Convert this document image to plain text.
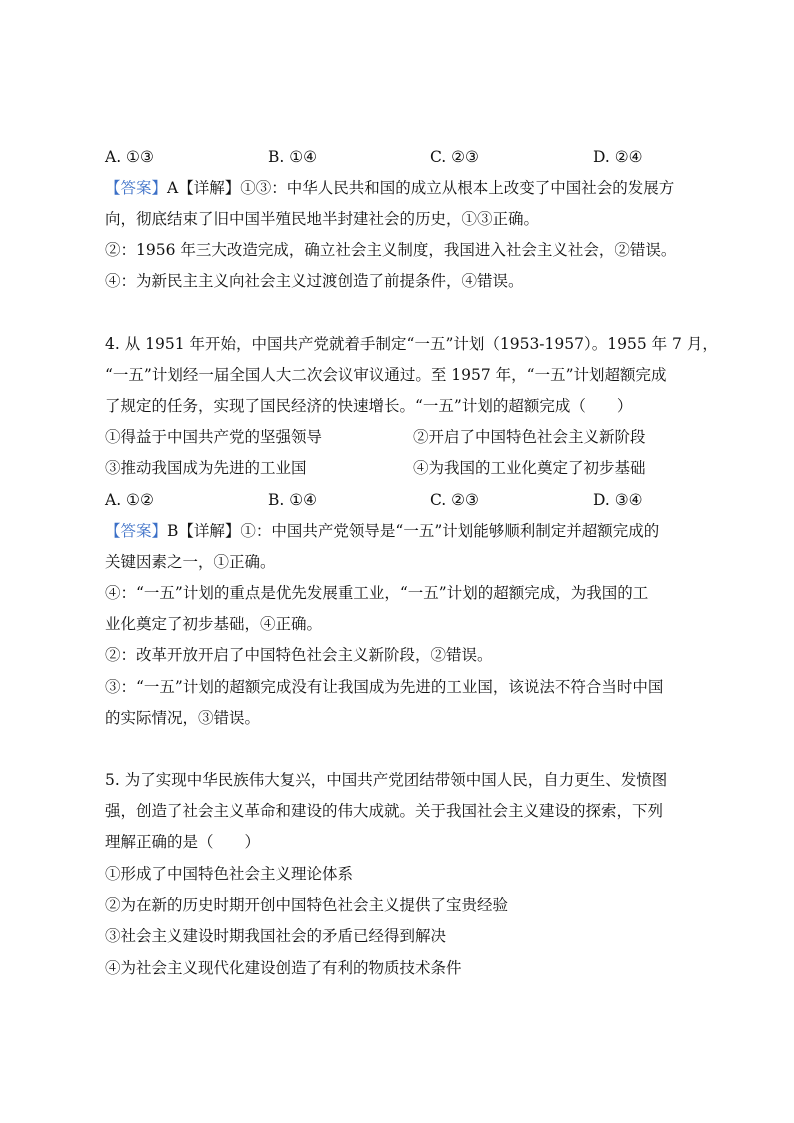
A. ①③	B. ①④	C. ②③	D. ②④
【答案】A【详解】①③：中华人民共和国的成立从根本上改变了中国社会的发展方
向，彻底结束了旧中国半殖民地半封建社会的历史，①③正确。
②：1956 年三大改造完成，确立社会主义制度，我国进入社会主义社会，②错误。
④：为新民主主义向社会主义过渡创造了前提条件，④错误。
4. 从 1951 年开始，中国共产党就着手制定“一五”计划（1953-1957）。1955 年 7 月，
“一五”计划经一届全国人大二次会议审议通过。至 1957 年，“一五”计划超额完成
了规定的任务，实现了国民经济的快速增长。“一五”计划的超额完成（　　）
①得益于中国共产党的坚强领导	②开启了中国特色社会主义新阶段
③推动我国成为先进的工业国	④为我国的工业化奠定了初步基础
A. ①②	B. ①④	C. ②③	D. ③④
【答案】B【详解】①：中国共产党领导是“一五”计划能够顺利制定并超额完成的
关键因素之一，①正确。
④：“一五”计划的重点是优先发展重工业，“一五”计划的超额完成，为我国的工
业化奠定了初步基础，④正确。
②：改革开放开启了中国特色社会主义新阶段，②错误。
③：“一五”计划的超额完成没有让我国成为先进的工业国，该说法不符合当时中国
的实际情况，③错误。
5. 为了实现中华民族伟大复兴，中国共产党团结带领中国人民，自力更生、发愤图
强，创造了社会主义革命和建设的伟大成就。关于我国社会主义建设的探索，下列
理解正确的是（　　）
①形成了中国特色社会主义理论体系
②为在新的历史时期开创中国特色社会主义提供了宝贵经验
③社会主义建设时期我国社会的矛盾已经得到解决
④为社会主义现代化建设创造了有利的物质技术条件
